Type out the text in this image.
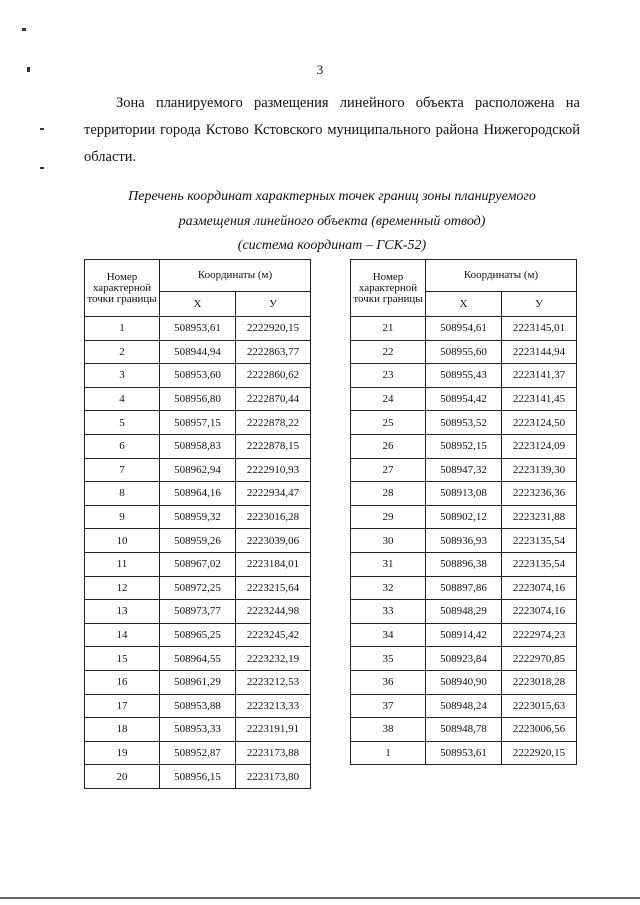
3
Зона планируемого размещения линейного объекта расположена на территории города Кстово Кстовского муниципального района Нижегородской области.
Перечень координат характерных точек границ зоны планируемого
размещения линейного объекта (временный отвод)
(система координат – ГСК-52)
Номер характерной точки границы	Координаты (м)	
	X	У
1	508953,61	2222920,15
2	508944,94	2222863,77
3	508953,60	2222860,62
4	508956,80	2222870,44
5	508957,15	2222878,22
6	508958,83	2222878,15
7	508962,94	2222910,93
8	508964,16	2222934,47
9	508959,32	2223016,28
10	508959,26	2223039,06
11	508967,02	2223184,01
12	508972,25	2223215,64
13	508973,77	2223244,98
14	508965,25	2223245,42
15	508964,55	2223232,19
16	508961,29	2223212,53
17	508953,88	2223213,33
18	508953,33	2223191,91
19	508952,87	2223173,88
20	508956,15	2223173,80
Номер характерной точки границы	Координаты (м)	
	X	У
21	508954,61	2223145,01
22	508955,60	2223144,94
23	508955,43	2223141,37
24	508954,42	2223141,45
25	508953,52	2223124,50
26	508952,15	2223124,09
27	508947,32	2223139,30
28	508913,08	2223236,36
29	508902,12	2223231,88
30	508936,93	2223135,54
31	508896,38	2223135,54
32	508897,86	2223074,16
33	508948,29	2223074,16
34	508914,42	2222974,23
35	508923,84	2222970,85
36	508940,90	2223018,28
37	508948,24	2223015,63
38	508948,78	2223006,56
1	508953,61	2222920,15
